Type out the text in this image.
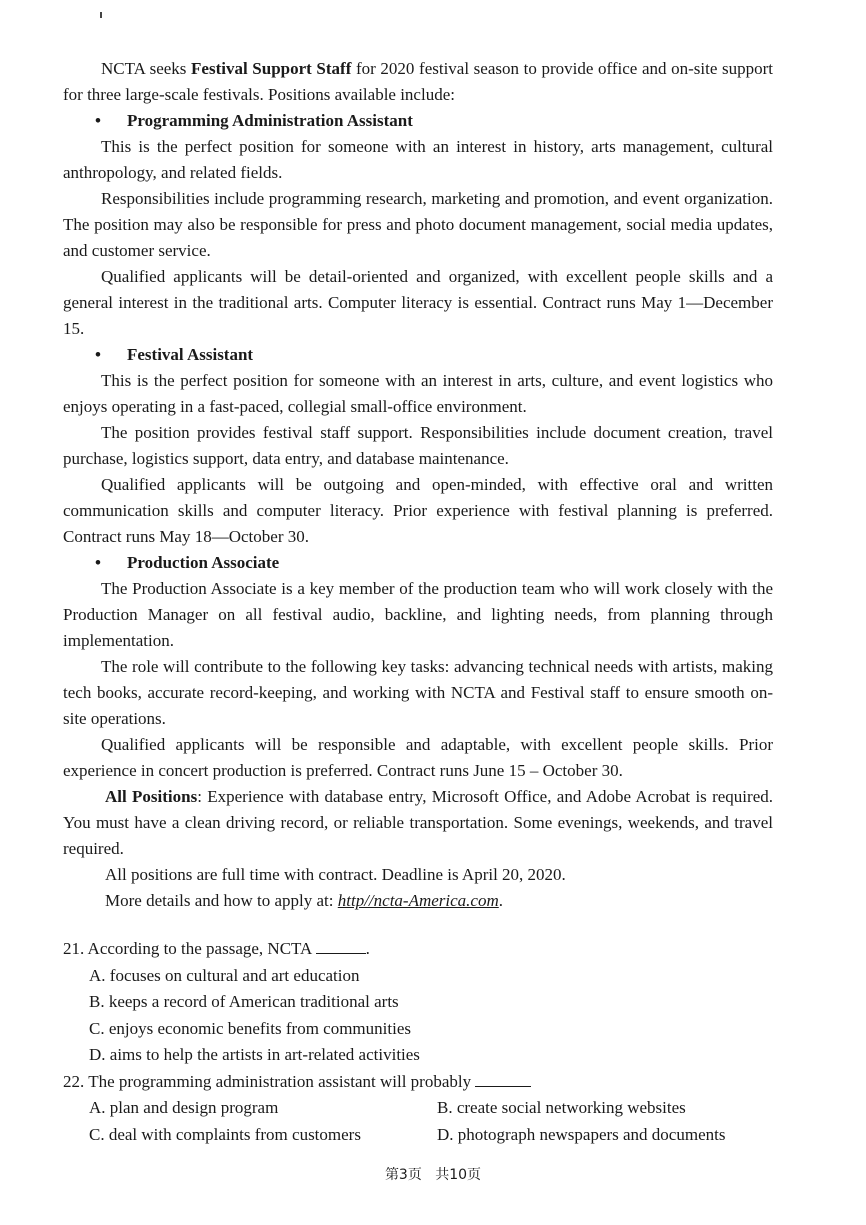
NCTA seeks Festival Support Staff for 2020 festival season to provide office and on-site support for three large-scale festivals. Positions available include:

• Programming Administration Assistant

This is the perfect position for someone with an interest in history, arts management, cultural anthropology, and related fields.

Responsibilities include programming research, marketing and promotion, and event organization. The position may also be responsible for press and photo document management, social media updates, and customer service.

Qualified applicants will be detail-oriented and organized, with excellent people skills and a general interest in the traditional arts. Computer literacy is essential. Contract runs May 1—December 15.

• Festival Assistant

This is the perfect position for someone with an interest in arts, culture, and event logistics who enjoys operating in a fast-paced, collegial small-office environment.

The position provides festival staff support. Responsibilities include document creation, travel purchase, logistics support, data entry, and database maintenance.

Qualified applicants will be outgoing and open-minded, with effective oral and written communication skills and computer literacy. Prior experience with festival planning is preferred. Contract runs May 18—October 30.

• Production Associate

The Production Associate is a key member of the production team who will work closely with the Production Manager on all festival audio, backline, and lighting needs, from planning through implementation.

The role will contribute to the following key tasks: advancing technical needs with artists, making tech books, accurate record-keeping, and working with NCTA and Festival staff to ensure smooth on-site operations.

Qualified applicants will be responsible and adaptable, with excellent people skills. Prior experience in concert production is preferred. Contract runs June 15 – October 30.

All Positions: Experience with database entry, Microsoft Office, and Adobe Acrobat is required. You must have a clean driving record, or reliable transportation. Some evenings, weekends, and travel required.

All positions are full time with contract. Deadline is April 20, 2020.

More details and how to apply at: http//ncta-America.com.

21. According to the passage, NCTA	.

A. focuses on cultural and art education

B. keeps a record of American traditional arts

C. enjoys economic benefits from communities

D. aims to help the artists in art-related activities

22. The programming administration assistant will probably

A. plan and design program	B. create social networking websites
C. deal with complaints from customers	D. photograph newspapers and documents
第3页 共10页
